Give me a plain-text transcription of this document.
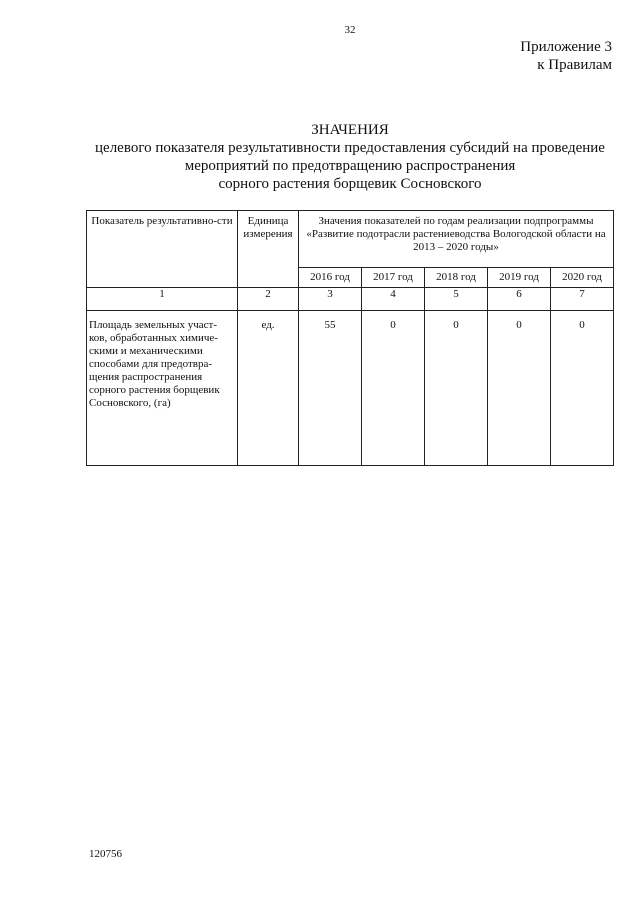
32
Приложение 3
к Правилам
ЗНАЧЕНИЯ
целевого показателя результативности предоставления субсидий на проведение
мероприятий по предотвращению распространения
сорного растения борщевик Сосновского
Показатель результативно-сти	Единица измерения	Значения показателей по годам реализации подпрограммы «Развитие подотрасли растениеводства Вологодской области на 2013 – 2020 годы»				
		2016 год	2017 год	2018 год	2019 год	2020 год
1	2	3	4	5	6	7
Площадь земельных участ-ков, обработанных химиче-скими и механическими способами для предотвра-щения распространения сорного растения борщевик Сосновского, (га)	ед.	55	0	0	0	0
120756
